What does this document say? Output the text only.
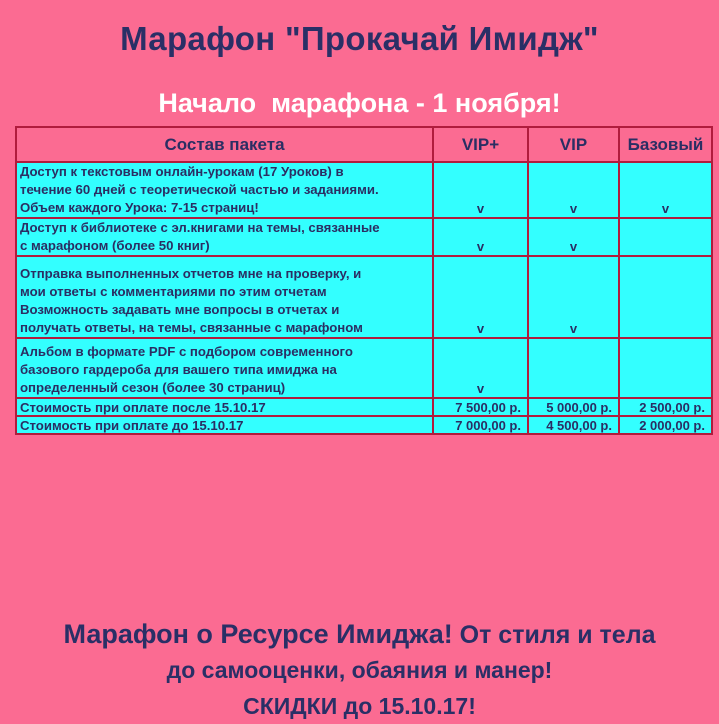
Марафон "Прокачай Имидж"
Начало  марафона - 1 ноября!
Состав пакета	VIP+	VIP	Базовый
Доступ к текстовым онлайн-урокам (17 Уроков) в
течение 60 дней с теоретической частью и заданиями.
Объем каждого Урока: 7-15 страниц!	v	v	v
Доступ к библиотеке с эл.книгами на темы, связанные
с марафоном (более 50 книг)	v	v	
Отправка выполненных отчетов мне на проверку, и
мои ответы с комментариями по этим отчетам
Возможность задавать мне вопросы в отчетах и
получать ответы, на темы, связанные с марафоном	v	v	
Альбом в формате PDF с подбором современного
базового гардероба для вашего типа имиджа на
определенный сезон (более 30 страниц)	v		
Стоимость при оплате после 15.10.17	7 500,00 р.	5 000,00 р.	2 500,00 р.
Стоимость при оплате до 15.10.17	7 000,00 р.	4 500,00 р.	2 000,00 р.
Марафон о Ресурсе Имиджа! От стиля и тела
до самооценки, обаяния и манер!
СКИДКИ до 15.10.17!
